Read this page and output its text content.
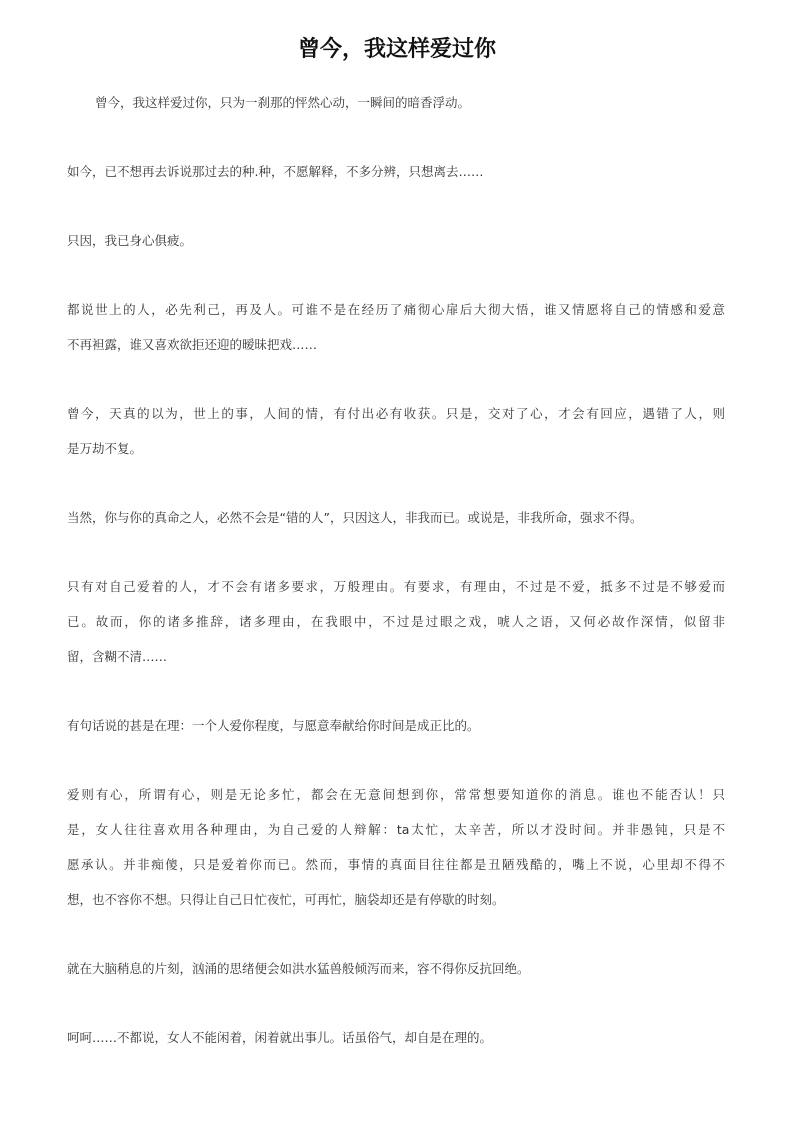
曾今，我这样爱过你
曾今，我这样爱过你，只为一刹那的怦然心动，一瞬间的暗香浮动。
如今，已不想再去诉说那过去的种.种，不愿解释，不多分辨，只想离去……
只因，我已身心俱疲。
都说世上的人，必先利己，再及人。可谁不是在经历了痛彻心扉后大彻大悟，谁又情愿将自己的情感和爱意
不再袒露，谁又喜欢欲拒还迎的暧昧把戏……
曾今，天真的以为，世上的事，人间的情，有付出必有收获。只是，交对了心，才会有回应，遇错了人，则
是万劫不复。
当然，你与你的真命之人，必然不会是“错的人”，只因这人，非我而已。或说是，非我所命，强求不得。
只有对自己爱着的人，才不会有诸多要求，万般理由。有要求，有理由，不过是不爱，抵多不过是不够爱而
已。故而，你的诸多推辞，诸多理由，在我眼中，不过是过眼之戏，唬人之语，又何必故作深情，似留非
留，含糊不清……
有句话说的甚是在理：一个人爱你程度，与愿意奉献给你时间是成正比的。
爱则有心，所谓有心，则是无论多忙，都会在无意间想到你，常常想要知道你的消息。谁也不能否认！只
是，女人往往喜欢用各种理由，为自己爱的人辩解：ta太忙，太辛苦，所以才没时间。并非愚钝，只是不
愿承认。并非痴傻，只是爱着你而已。然而，事情的真面目往往都是丑陋残酷的，嘴上不说，心里却不得不
想，也不容你不想。只得让自己日忙夜忙，可再忙，脑袋却还是有停歇的时刻。
就在大脑稍息的片刻，汹涌的思绪便会如洪水猛兽般倾泻而来，容不得你反抗回绝。
呵呵……不都说，女人不能闲着，闲着就出事儿。话虽俗气，却自是在理的。
